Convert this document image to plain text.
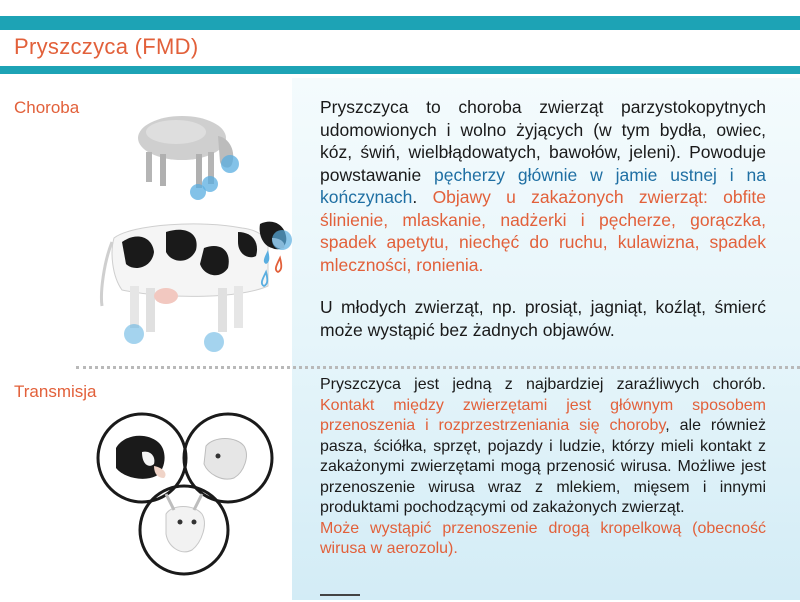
Pryszczyca (FMD)
Choroba
Transmisja

Pryszczyca to choroba zwierząt parzystokopytnych udomowionych i wolno żyjących (w tym bydła, owiec, kóz, świń, wielbłądowatych, bawołów, jeleni). Powoduje powstawanie pęcherzy głównie w jamie ustnej i na kończynach. Objawy u zakażonych zwierząt: obfite ślinienie, mlaskanie, nadżerki i pęcherze, gorączka, spadek apetytu, niechęć do ruchu, kulawizna, spadek mleczności, ronienia.

U młodych zwierząt, np. prosiąt, jagniąt, koźląt, śmierć może wystąpić bez żadnych objawów.

Pryszczyca jest jedną z najbardziej zaraźliwych chorób. Kontakt między zwierzętami jest głównym sposobem przenoszenia i rozprzestrzeniania się choroby, ale również pasza, ściółka, sprzęt, pojazdy i ludzie, którzy mieli kontakt z zakażonymi zwierzętami mogą przenosić wirusa. Możliwe jest przenoszenie wirusa wraz z mlekiem, mięsem i innymi produktami pochodzącymi od zakażonych zwierząt.

Może wystąpić przenoszenie drogą kropelkową (obecność wirusa w aerozolu).
